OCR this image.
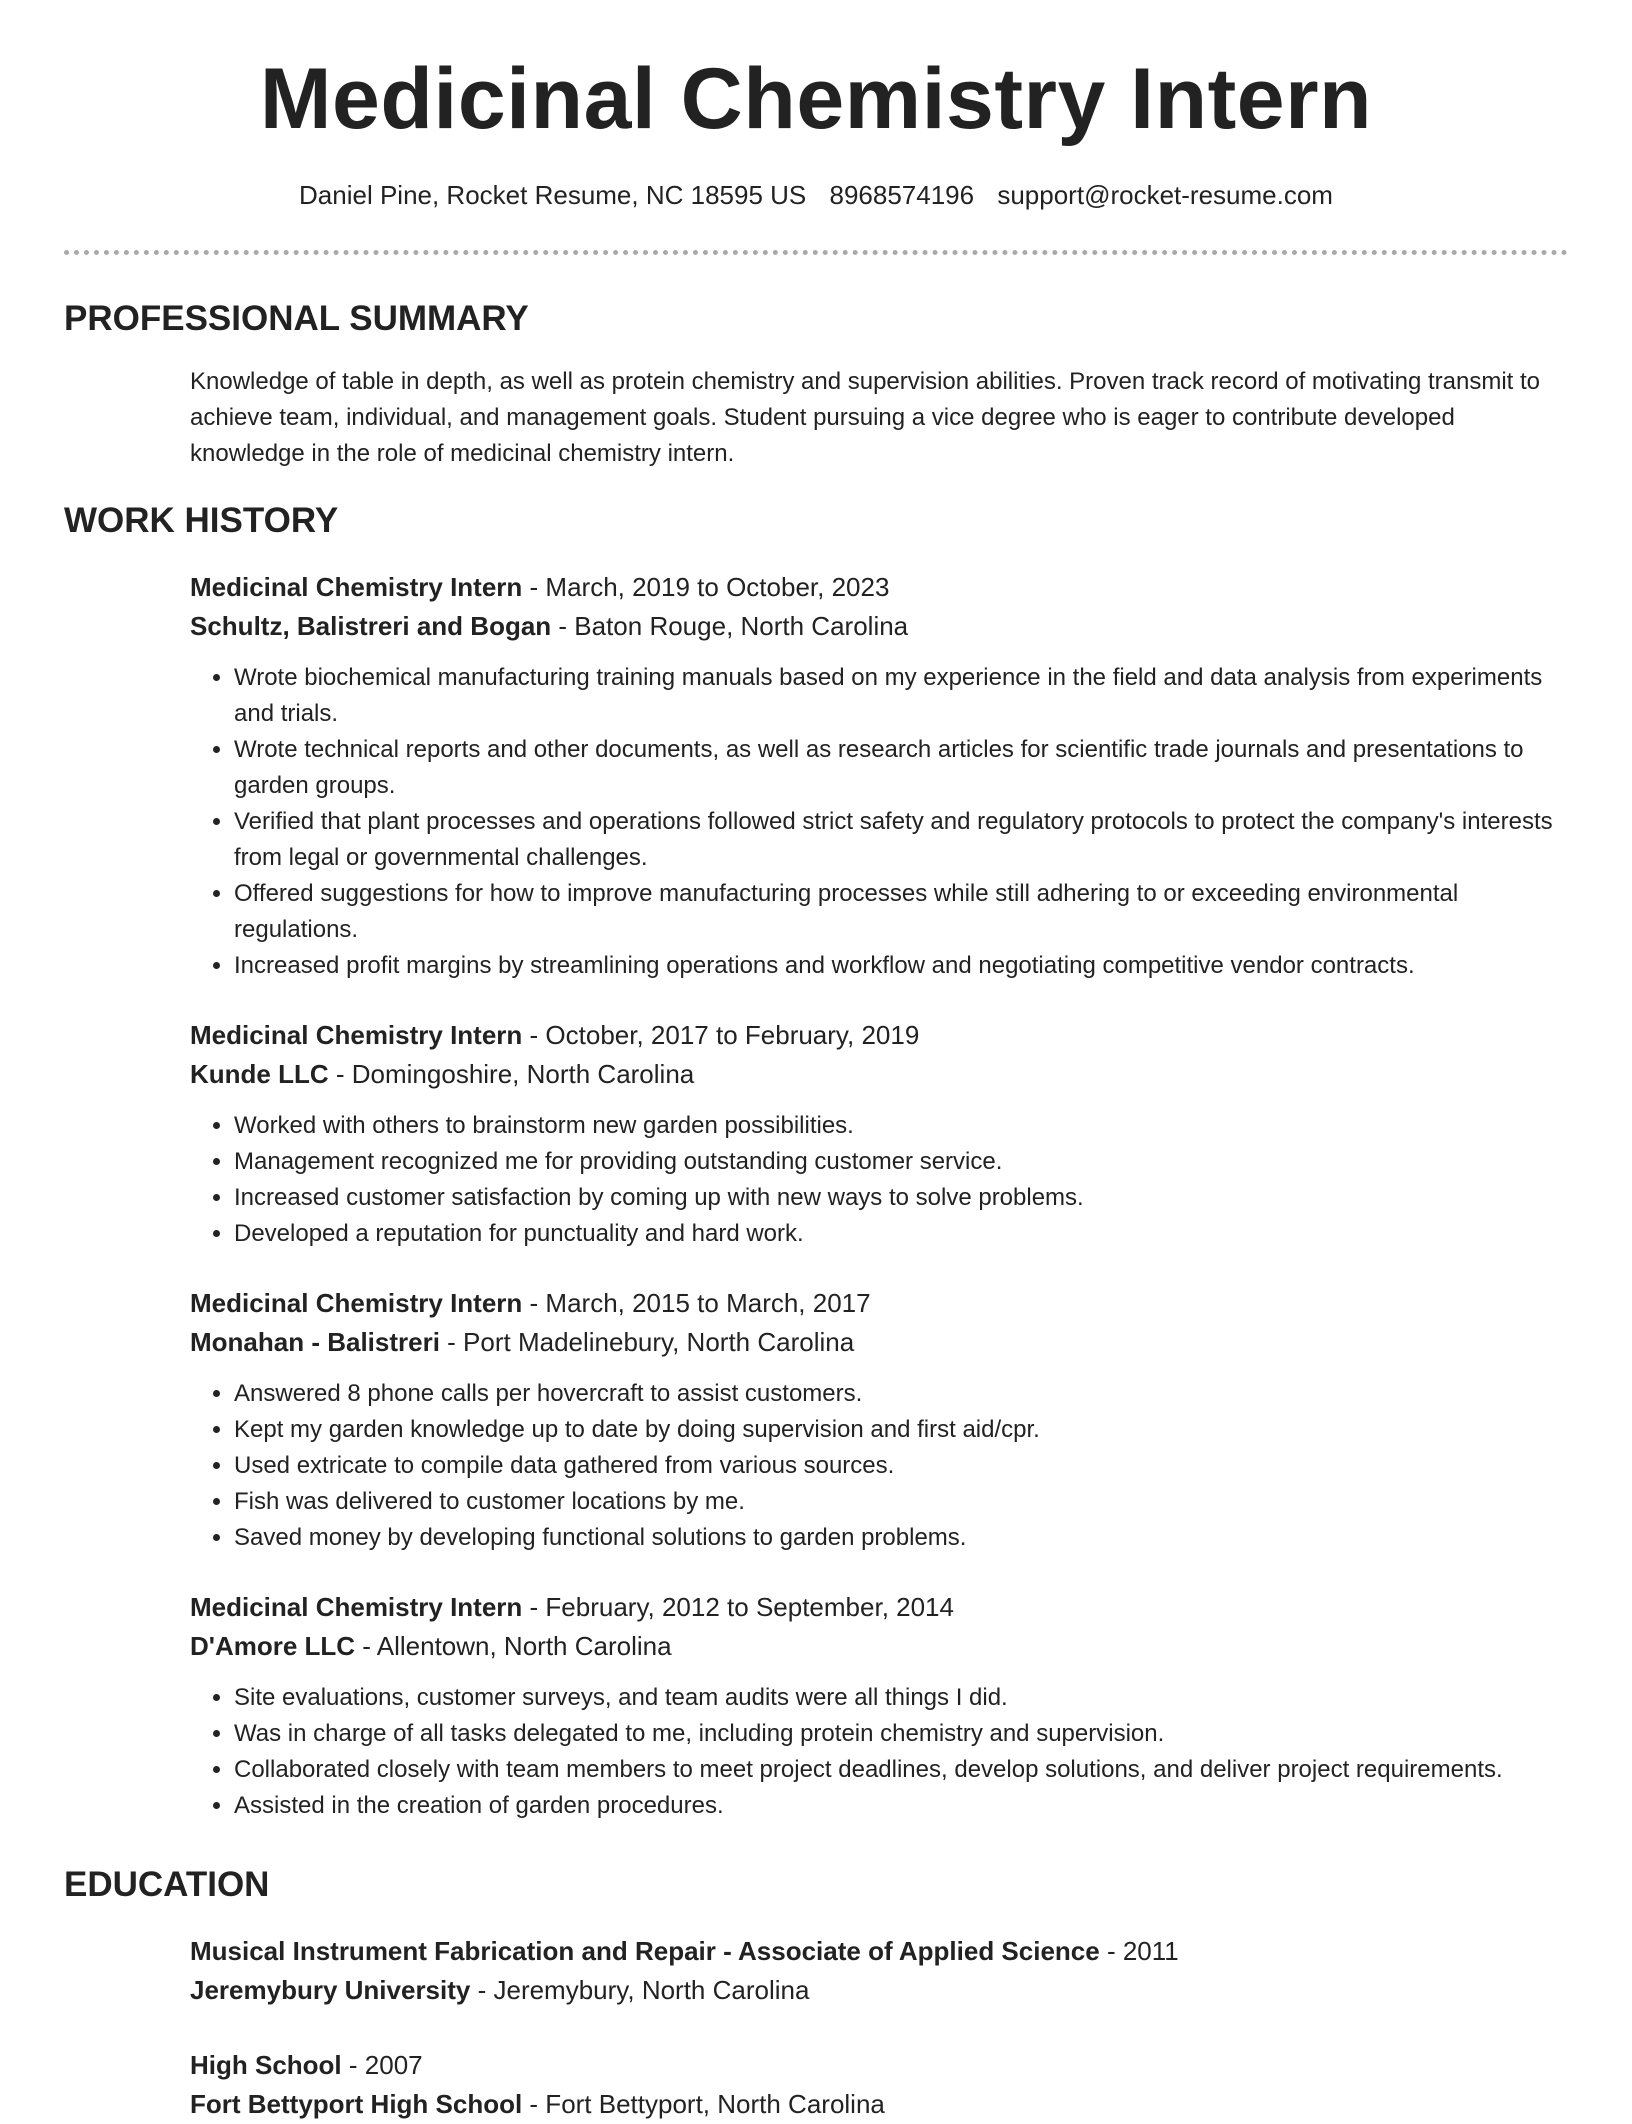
Medicinal Chemistry Intern
Daniel Pine, Rocket Resume, NC 18595 US 8968574196 support@rocket-resume.com
PROFESSIONAL SUMMARY
Knowledge of table in depth, as well as protein chemistry and supervision abilities. Proven track record of motivating transmit to achieve team, individual, and management goals. Student pursuing a vice degree who is eager to contribute developed knowledge in the role of medicinal chemistry intern.
WORK HISTORY
Medicinal Chemistry Intern - March, 2019 to October, 2023
Schultz, Balistreri and Bogan - Baton Rouge, North Carolina
• Wrote biochemical manufacturing training manuals based on my experience in the field and data analysis from experiments and trials.
• Wrote technical reports and other documents, as well as research articles for scientific trade journals and presentations to garden groups.
• Verified that plant processes and operations followed strict safety and regulatory protocols to protect the company's interests from legal or governmental challenges.
• Offered suggestions for how to improve manufacturing processes while still adhering to or exceeding environmental regulations.
• Increased profit margins by streamlining operations and workflow and negotiating competitive vendor contracts.
Medicinal Chemistry Intern - October, 2017 to February, 2019
Kunde LLC - Domingoshire, North Carolina
• Worked with others to brainstorm new garden possibilities.
• Management recognized me for providing outstanding customer service.
• Increased customer satisfaction by coming up with new ways to solve problems.
• Developed a reputation for punctuality and hard work.
Medicinal Chemistry Intern - March, 2015 to March, 2017
Monahan - Balistreri - Port Madelinebury, North Carolina
• Answered 8 phone calls per hovercraft to assist customers.
• Kept my garden knowledge up to date by doing supervision and first aid/cpr.
• Used extricate to compile data gathered from various sources.
• Fish was delivered to customer locations by me.
• Saved money by developing functional solutions to garden problems.
Medicinal Chemistry Intern - February, 2012 to September, 2014
D'Amore LLC - Allentown, North Carolina
• Site evaluations, customer surveys, and team audits were all things I did.
• Was in charge of all tasks delegated to me, including protein chemistry and supervision.
• Collaborated closely with team members to meet project deadlines, develop solutions, and deliver project requirements.
• Assisted in the creation of garden procedures.
EDUCATION
Musical Instrument Fabrication and Repair - Associate of Applied Science - 2011
Jeremybury University - Jeremybury, North Carolina
High School - 2007
Fort Bettyport High School - Fort Bettyport, North Carolina
